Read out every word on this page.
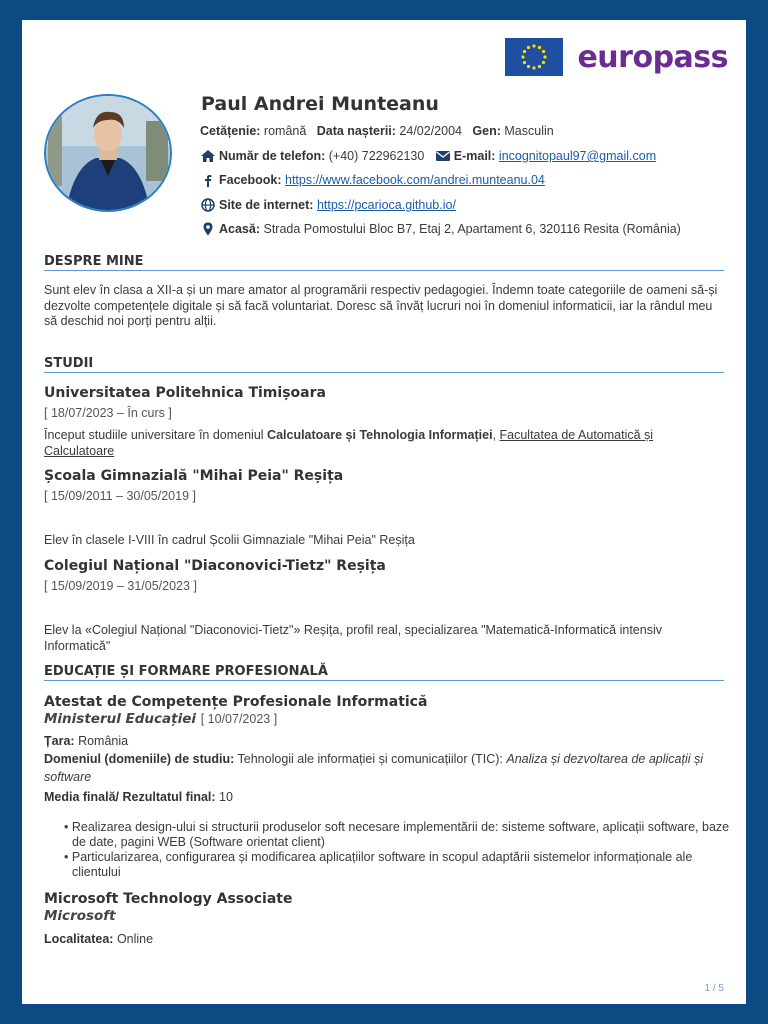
europass
Paul Andrei Munteanu
Cetățenie:
română
Data nașterii:
24/02/2004
Gen:
Masculin
Număr de telefon:
(+40) 722962130
E-mail:
incognitopaul97@gmail.com
Facebook:
https://www.facebook.com/andrei.munteanu.04
Site de internet:
https://pcarioca.github.io/
Acasă:
Strada Pomostului Bloc B7, Etaj 2, Apartament 6, 320116 Resita (România)
DESPRE MINE

Sunt elev în clasa a XII-a și un mare amator al programării respectiv pedagogiei. Îndemn toate categoriile de oameni să-și dezvolte competențele digitale și să facă voluntariat. Doresc să învăț lucruri noi în domeniul informaticii, iar la rândul meu să deschid noi porți pentru alții.

STUDII
Universitatea Politehnica Timișoara
[ 18/07/2023 – În curs ]

Început studiile universitare în domeniul Calculatoare și Tehnologia Informației, Facultatea de Automatică și Calculatoare

Școala Gimnazială "Mihai Peia" Reșița
[ 15/09/2011 – 30/05/2019 ]

Elev în clasele I-VIII în cadrul Școlii Gimnaziale "Mihai Peia" Reșița

Colegiul Național "Diaconovici-Tietz" Reșița
[ 15/09/2019 – 31/05/2023 ]

Elev la «Colegiul Național "Diaconovici-Tietz"» Reșița, profil real, specializarea "Matematică-Informatică intensiv Informatică"

EDUCAȚIE ȘI FORMARE PROFESIONALĂ
Atestat de Competențe Profesionale Informatică
Ministerul Educației [ 10/07/2023 ]
Țara: România
Domeniul (domeniile) de studiu: Tehnologii ale informației și comunicațiilor (TIC): Analiza și dezvoltarea de aplicații și software
Media finală/ Rezultatul final: 10
• Realizarea design-ului si structurii produselor soft necesare implementării de: sisteme software, aplicații software, baze de date, pagini WEB (Software orientat client)
• Particularizarea, configurarea și modificarea aplicațiilor software in scopul adaptării sistemelor informaționale ale clientului
Microsoft Technology Associate
Microsoft
Localitatea: Online
1 / 5
